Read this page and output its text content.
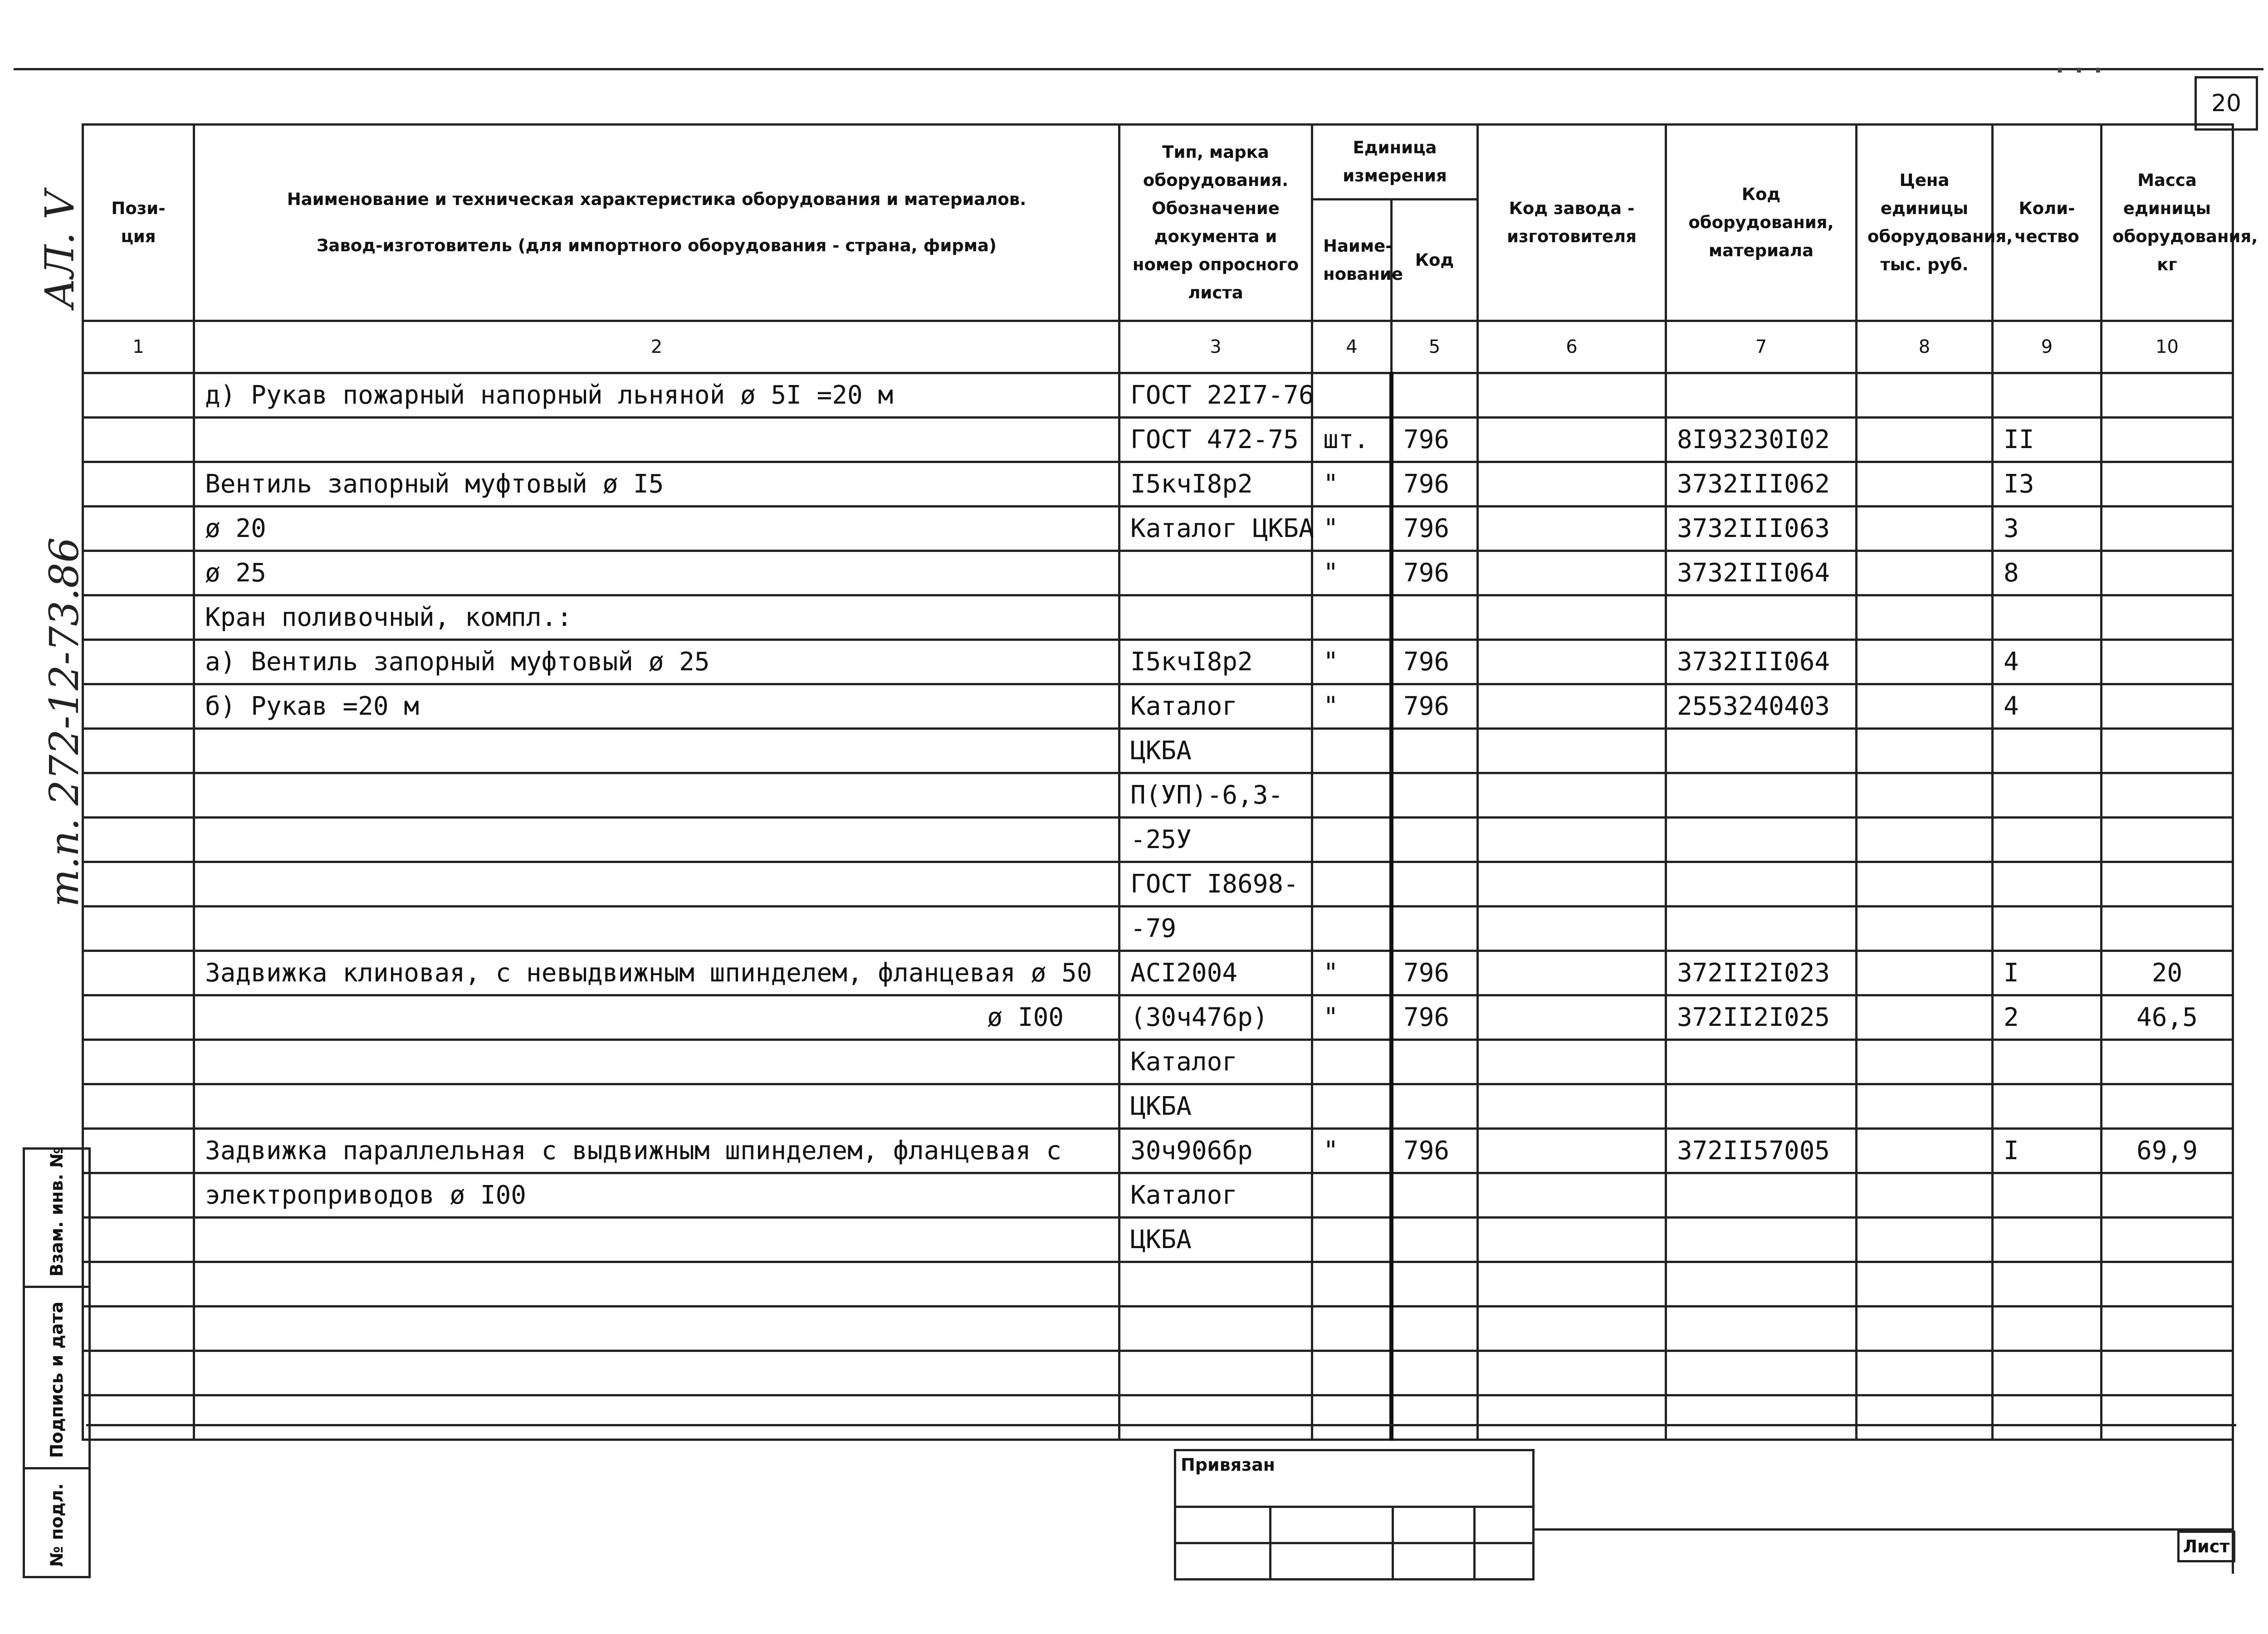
...
20
АЛ. V
т.п. 272-12-73.86
Пози-ция	Наименование и техническая характеристика оборудования и материалов.
Завод-изготовитель (для импортного оборудования - страна, фирма)	Тип, марка оборудования. Обозначение документа и номер опросного листа	Единица измерения		Код завода - изготовителя	Код оборудования, материала	Цена единицы оборудования, тыс. руб.	Коли-чество	Масса единицы оборудования, кг
			Наиме-нование	Код					
1	2	3	4	5	6	7	8	9	10
	д) Рукав пожарный напорный льняной ø 5I =20 м	ГОСТ 22I7-76							
		ГОСТ 472-75	шт.	796		8I93230I02		II	
	Вентиль запорный муфтовый ø I5	I5кчI8р2	"	796		3732III062		I3	
	ø 20	Каталог ЦКБА	"	796		3732III063		3	
	ø 25		"	796		3732III064		8	
	Кран поливочный, компл.:								
	а) Вентиль запорный муфтовый ø 25	I5кчI8р2	"	796		3732III064		4	
	б) Рукав =20 м	Каталог	"	796		2553240403		4	
		ЦКБА							
		П(УП)-6,3-							
		-25У							
		ГОСТ I8698-							
		-79							
	Задвижка клиновая, с невыдвижным шпинделем, фланцевая ø 50	АСI2004	"	796		372II2I023		I	20
	ø I00	(30ч476р)	"	796		372II2I025		2	46,5
		Каталог							
		ЦКБА							
	Задвижка параллельная с выдвижным шпинделем, фланцевая с	30ч906бр	"	796		372II57005		I	69,9
	электроприводов ø I00	Каталог							
		ЦКБА							

Взам. инв. №
Подпись и дата
№ подл.	Лист
Привязан
